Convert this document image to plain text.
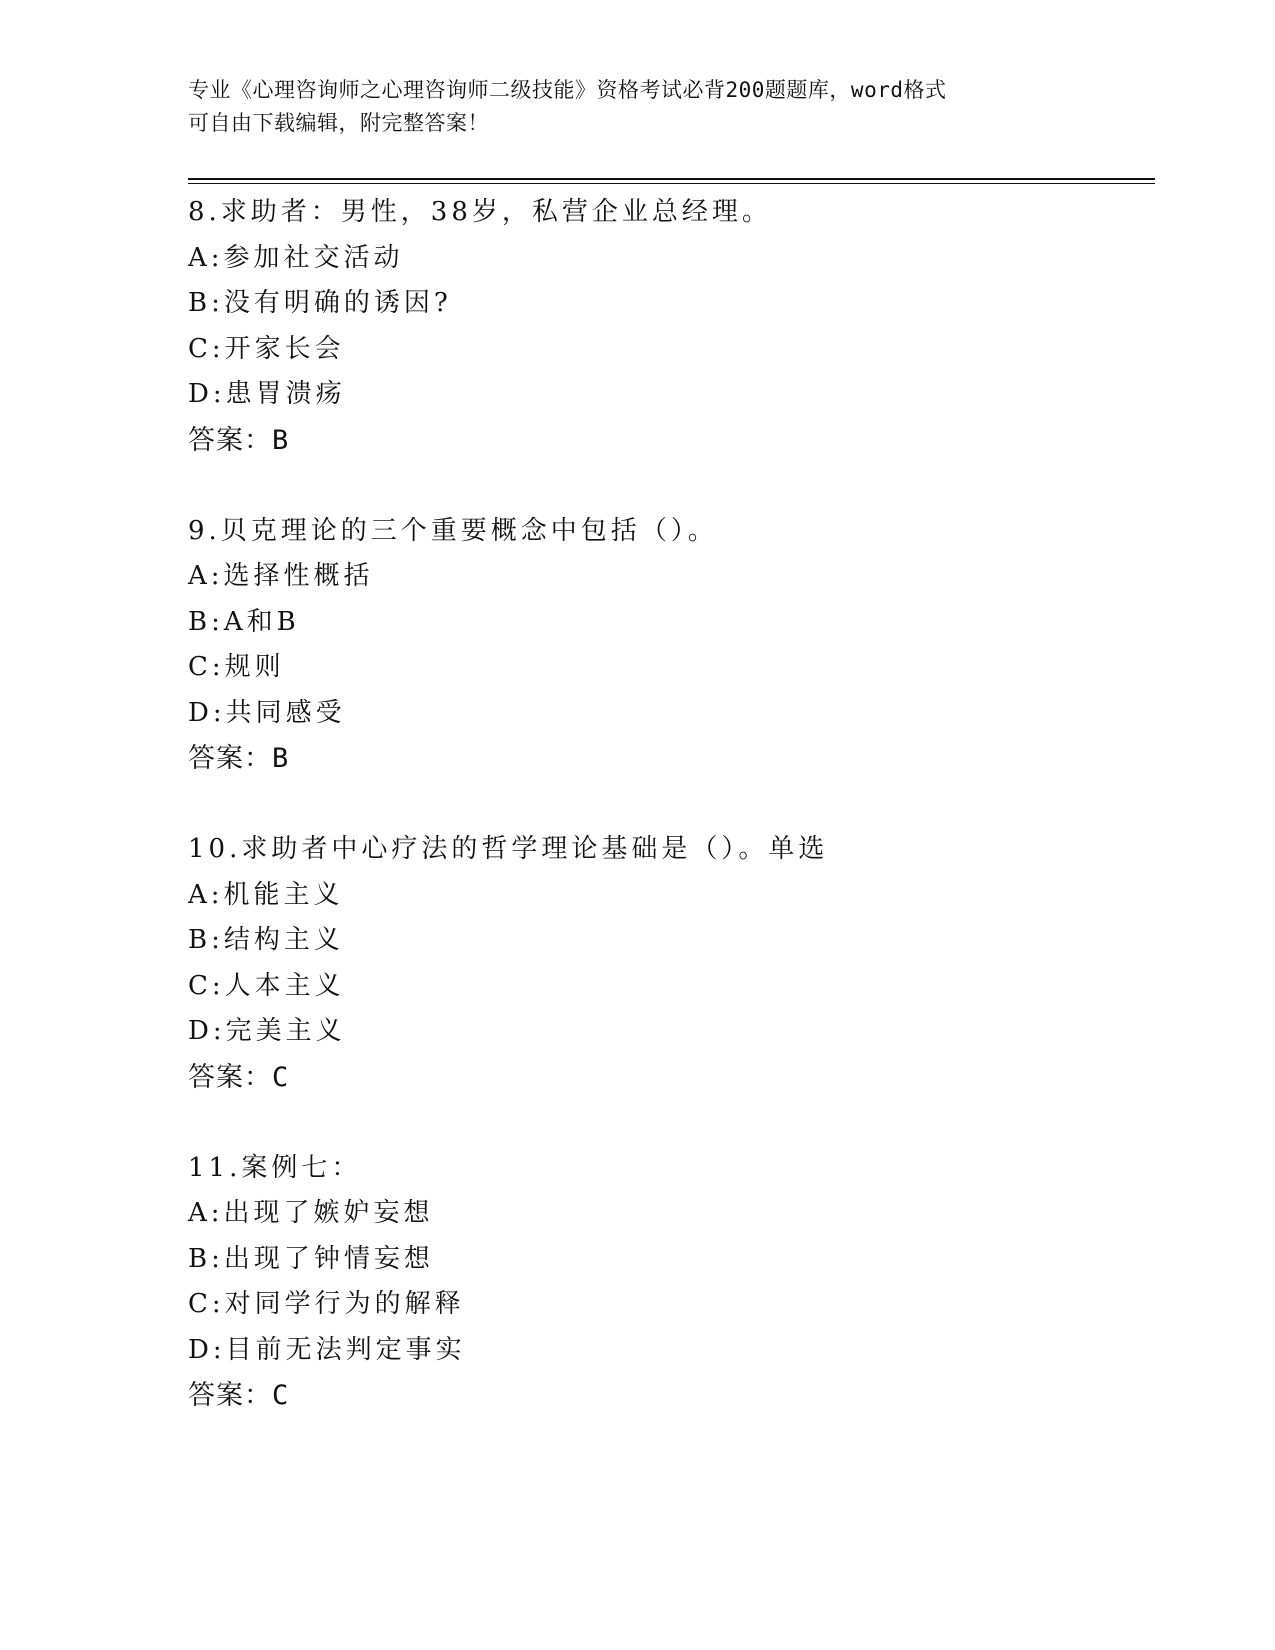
专业《心理咨询师之心理咨询师二级技能》资格考试必背200题题库，word格式
可自由下载编辑，附完整答案！
8.求助者：男性，38岁，私营企业总经理。
A:参加社交活动
B:没有明确的诱因?
C:开家长会
D:患胃溃疡
答案：B
9.贝克理论的三个重要概念中包括（）。
A:选择性概括
B:A和B
C:规则
D:共同感受
答案：B
10.求助者中心疗法的哲学理论基础是（）。单选
A:机能主义
B:结构主义
C:人本主义
D:完美主义
答案：C
11.案例七：
A:出现了嫉妒妄想
B:出现了钟情妄想
C:对同学行为的解释
D:目前无法判定事实
答案：C
